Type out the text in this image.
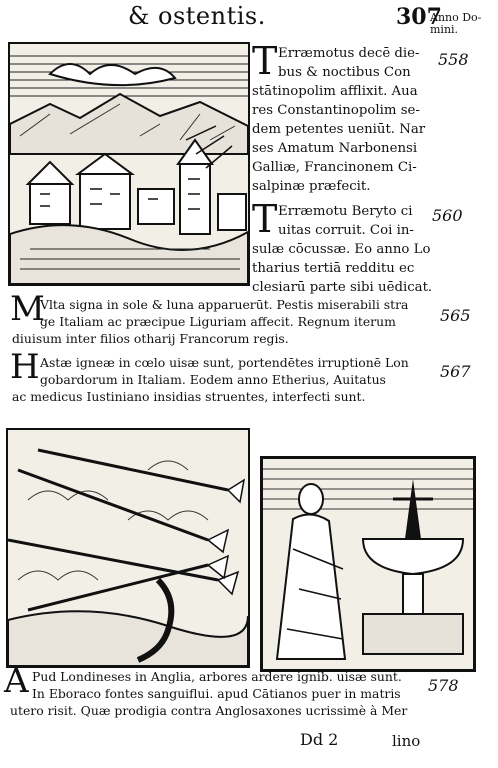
& ostentis.	307
Anno Do-mini.
T	558
Erræmotus decē die-
bus & noctibus Con
stātinopolim afflixit. Aua
res Constantinopolim se-
dem petentes ueniūt. Nar
ses Amatum Narbonensi
Galliæ, Francinonem Ci-
salpinæ præfecit.
T	560
Erræmotu Beryto ci
uitas corruit. Coi in-
sulæ cōcussæ. Eo anno Lo
tharius tertiā redditu ec
clesiarū parte sibi uēdicat.
M	565
Vlta signa in sole & luna apparuerūt. Pestis miserabili stra
ge Italiam ac præcipue Liguriam affecit. Regnum iterum
diuisum inter filios otharij Francorum regis.
H	567
Astæ igneæ in cœlo uisæ sunt, portendētes irruptionē Lon
gobardorum in Italiam. Eodem anno Etherius, Auitatus
ac medicus Iustiniano insidias struentes, interfecti sunt.
A	578
Pud Londineses in Anglia, arbores ardere ignib. uisæ sunt.
In Eboraco fontes sanguiflui. apud Cātianos puer in matris
utero risit. Quæ prodigia contra Anglosaxones ucrissimè à Mer
Dd 2	lino
